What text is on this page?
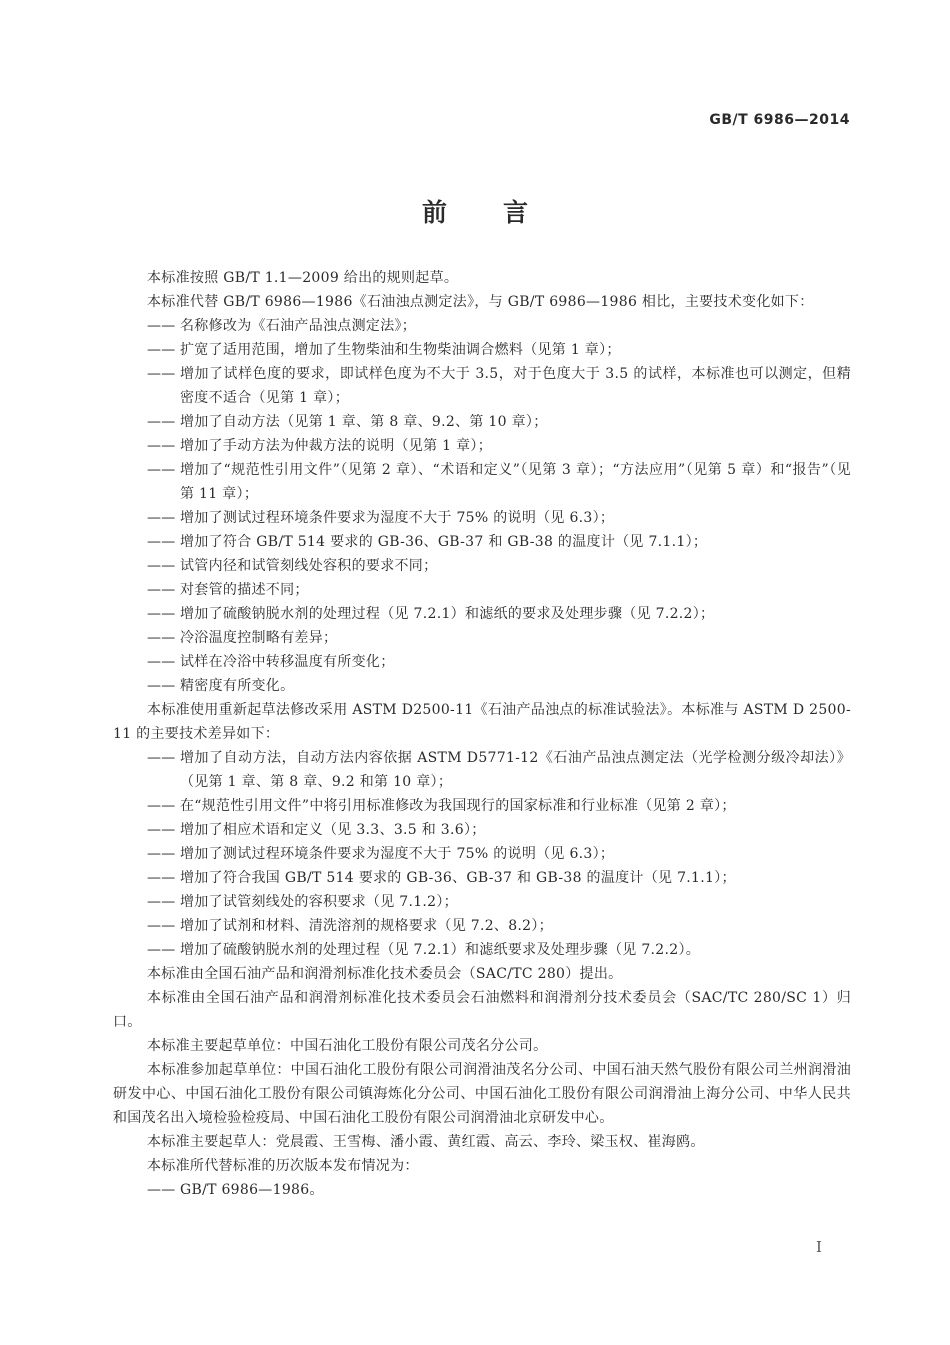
GB/T 6986—2014
前言

本标准按照 GB/T 1.1—2009 给出的规则起草。

本标准代替 GB/T 6986—1986《石油浊点测定法》，与 GB/T 6986—1986 相比，主要技术变化如下：

—— 名称修改为《石油产品浊点测定法》；

—— 扩宽了适用范围，增加了生物柴油和生物柴油调合燃料（见第 1 章）；

—— 增加了试样色度的要求，即试样色度为不大于 3.5，对于色度大于 3.5 的试样，本标准也可以测定，但精密度不适合（见第 1 章）；

—— 增加了自动方法（见第 1 章、第 8 章、9.2、第 10 章）；

—— 增加了手动方法为仲裁方法的说明（见第 1 章）；

—— 增加了“规范性引用文件”（见第 2 章）、“术语和定义”（见第 3 章）；“方法应用”（见第 5 章）和“报告”（见第 11 章）；

—— 增加了测试过程环境条件要求为湿度不大于 75% 的说明（见 6.3）；

—— 增加了符合 GB/T 514 要求的 GB-36、GB-37 和 GB-38 的温度计（见 7.1.1）；

—— 试管内径和试管刻线处容积的要求不同；

—— 对套管的描述不同；

—— 增加了硫酸钠脱水剂的处理过程（见 7.2.1）和滤纸的要求及处理步骤（见 7.2.2）；

—— 冷浴温度控制略有差异；

—— 试样在冷浴中转移温度有所变化；

—— 精密度有所变化。

本标准使用重新起草法修改采用 ASTM D2500-11《石油产品浊点的标准试验法》。本标准与 ASTM D 2500-11 的主要技术差异如下：

—— 增加了自动方法，自动方法内容依据 ASTM D5771-12《石油产品浊点测定法（光学检测分级冷却法）》（见第 1 章、第 8 章、9.2 和第 10 章）；

—— 在“规范性引用文件”中将引用标准修改为我国现行的国家标准和行业标准（见第 2 章）；

—— 增加了相应术语和定义（见 3.3、3.5 和 3.6）；

—— 增加了测试过程环境条件要求为湿度不大于 75% 的说明（见 6.3）；

—— 增加了符合我国 GB/T 514 要求的 GB-36、GB-37 和 GB-38 的温度计（见 7.1.1）；

—— 增加了试管刻线处的容积要求（见 7.1.2）；

—— 增加了试剂和材料、清洗溶剂的规格要求（见 7.2、8.2）；

—— 增加了硫酸钠脱水剂的处理过程（见 7.2.1）和滤纸要求及处理步骤（见 7.2.2）。

本标准由全国石油产品和润滑剂标准化技术委员会（SAC/TC 280）提出。

本标准由全国石油产品和润滑剂标准化技术委员会石油燃料和润滑剂分技术委员会（SAC/TC 280/SC 1）归口。

本标准主要起草单位：中国石油化工股份有限公司茂名分公司。

本标准参加起草单位：中国石油化工股份有限公司润滑油茂名分公司、中国石油天然气股份有限公司兰州润滑油研发中心、中国石油化工股份有限公司镇海炼化分公司、中国石油化工股份有限公司润滑油上海分公司、中华人民共和国茂名出入境检验检疫局、中国石油化工股份有限公司润滑油北京研发中心。

本标准主要起草人：党晨霞、王雪梅、潘小霞、黄红霞、高云、李玲、梁玉权、崔海鸥。

本标准所代替标准的历次版本发布情况为：

—— GB/T 6986—1986。

I
